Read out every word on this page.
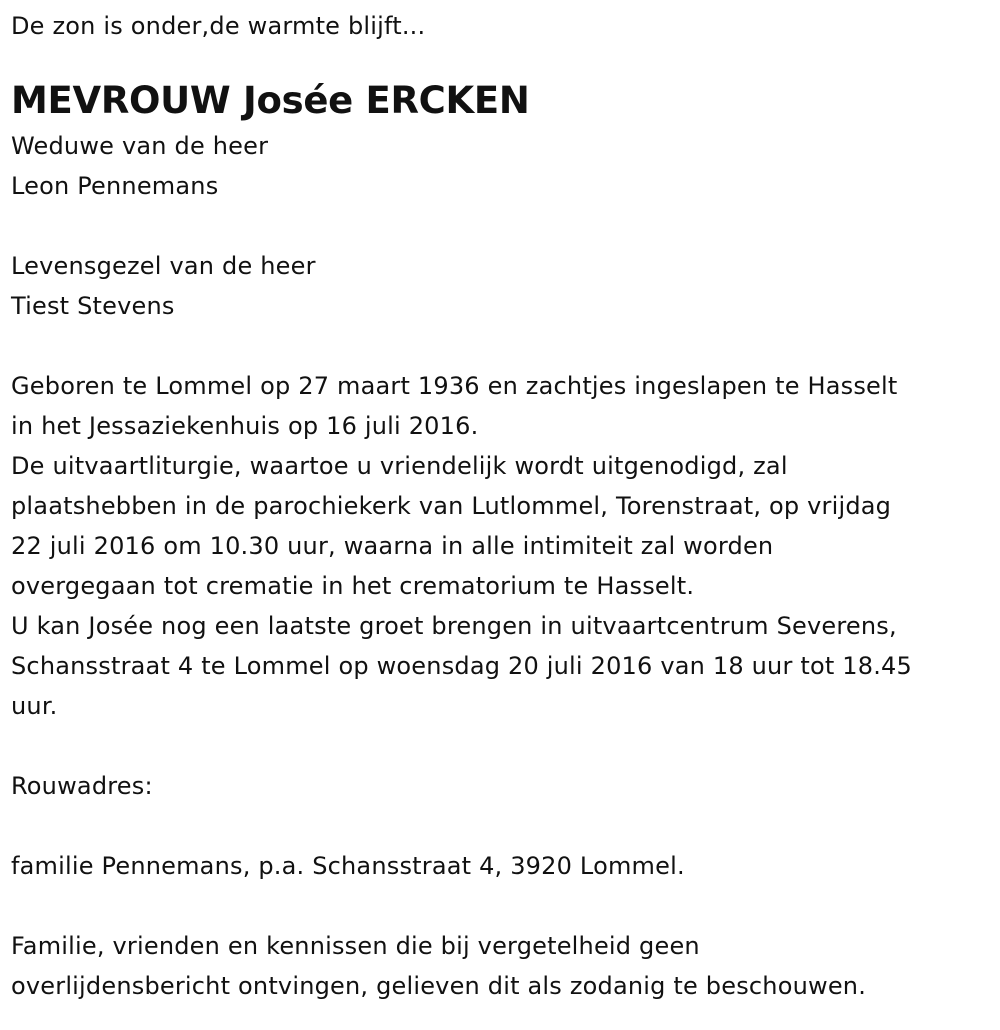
De zon is onder,de warmte blijft...
MEVROUW Josée ERCKEN
Weduwe van de heer
Leon Pennemans
Levensgezel van de heer
Tiest Stevens
Geboren te Lommel op 27 maart 1936 en zachtjes ingeslapen te Hasselt
in het Jessaziekenhuis op 16 juli 2016.
De uitvaartliturgie, waartoe u vriendelijk wordt uitgenodigd, zal
plaatshebben in de parochiekerk van Lutlommel, Torenstraat, op vrijdag
22 juli 2016 om 10.30 uur, waarna in alle intimiteit zal worden
overgegaan tot crematie in het crematorium te Hasselt.
U kan Josée nog een laatste groet brengen in uitvaartcentrum Severens,
Schansstraat 4 te Lommel op woensdag 20 juli 2016 van 18 uur tot 18.45
uur.
Rouwadres:
familie Pennemans, p.a. Schansstraat 4, 3920 Lommel.
Familie, vrienden en kennissen die bij vergetelheid geen
overlijdensbericht ontvingen, gelieven dit als zodanig te beschouwen.
